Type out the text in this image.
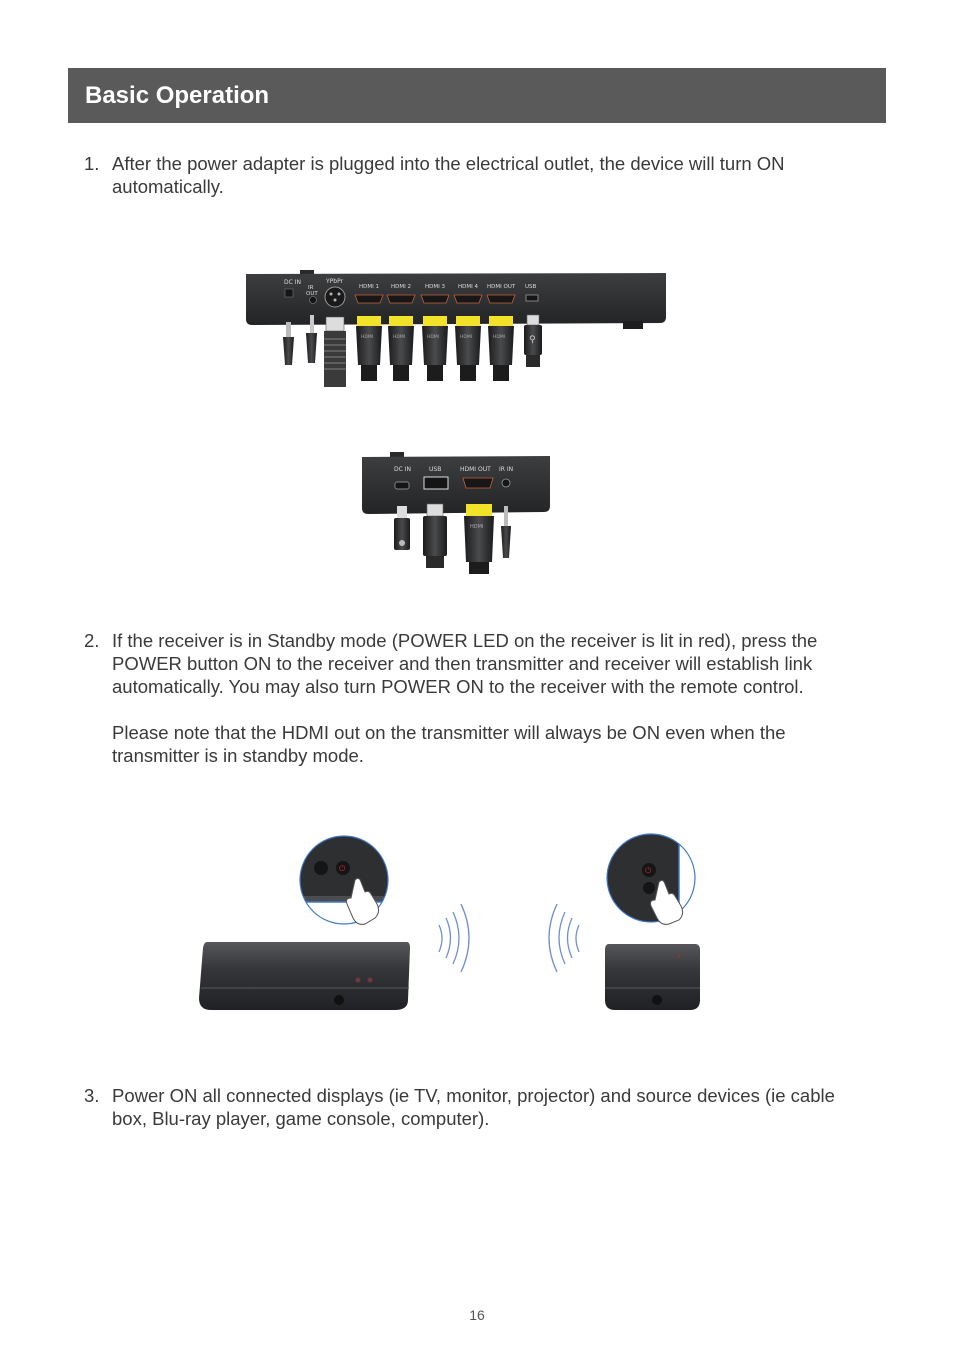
Basic Operation
1. After the power adapter is plugged into the electrical outlet, the device will turn ON automatically.

DC IN
IR
OUT
YPbPr
HDMI 1 HDMI 2	HDMI 3 HDMI 4 HDMI OUT USB
HDMI	HDMI	HDMI	HDMI	HDMI	⚲
DC IN	USB	HDMI OUT IR IN
HDMI
2. If the receiver is in Standby mode (POWER LED on the receiver is lit in red), press the POWER button ON to the receiver and then transmitter and receiver will establish link automatically. You may also turn POWER ON to the receiver with the remote control.

Please note that the HDMI out on the transmitter will always be ON even when the transmitter is in standby mode.

⏻	⏻
3. Power ON all connected displays (ie TV, monitor, projector) and source devices (ie cable box, Blu-ray player, game console, computer).

16
